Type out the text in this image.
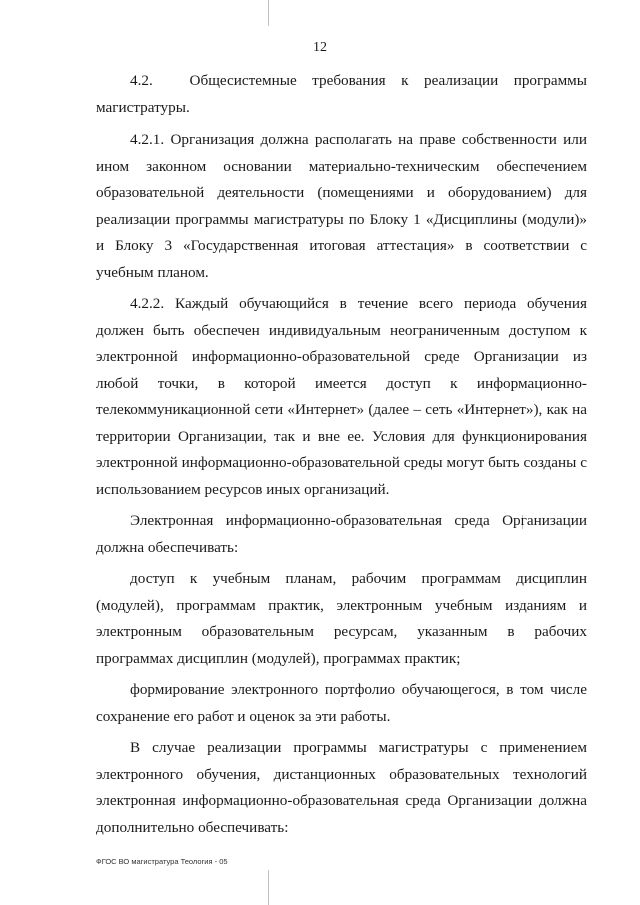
12

4.2. Общесистемные требования к реализации программы магистратуры.

4.2.1. Организация должна располагать на праве собственности или ином законном основании материально-техническим обеспечением образовательной деятельности (помещениями и оборудованием) для реализации программы магистратуры по Блоку 1 «Дисциплины (модули)» и Блоку 3 «Государственная итоговая аттестация» в соответствии с учебным планом.

4.2.2. Каждый обучающийся в течение всего периода обучения должен быть обеспечен индивидуальным неограниченным доступом к электронной информационно-образовательной среде Организации из любой точки, в которой имеется доступ к информационно-телекоммуникационной сети «Интернет» (далее – сеть «Интернет»), как на территории Организации, так и вне ее. Условия для функционирования электронной информационно-образовательной среды могут быть созданы с использованием ресурсов иных организаций.

Электронная информационно-образовательная среда Организации должна обеспечивать:

доступ к учебным планам, рабочим программам дисциплин (модулей), программам практик, электронным учебным изданиям и электронным образовательным ресурсам, указанным в рабочих программах дисциплин (модулей), программах практик;

формирование электронного портфолио обучающегося, в том числе сохранение его работ и оценок за эти работы.

В случае реализации программы магистратуры с применением электронного обучения, дистанционных образовательных технологий электронная информационно-образовательная среда Организации должна дополнительно обеспечивать:

ФГОС ВО магистратура Теология - 05
